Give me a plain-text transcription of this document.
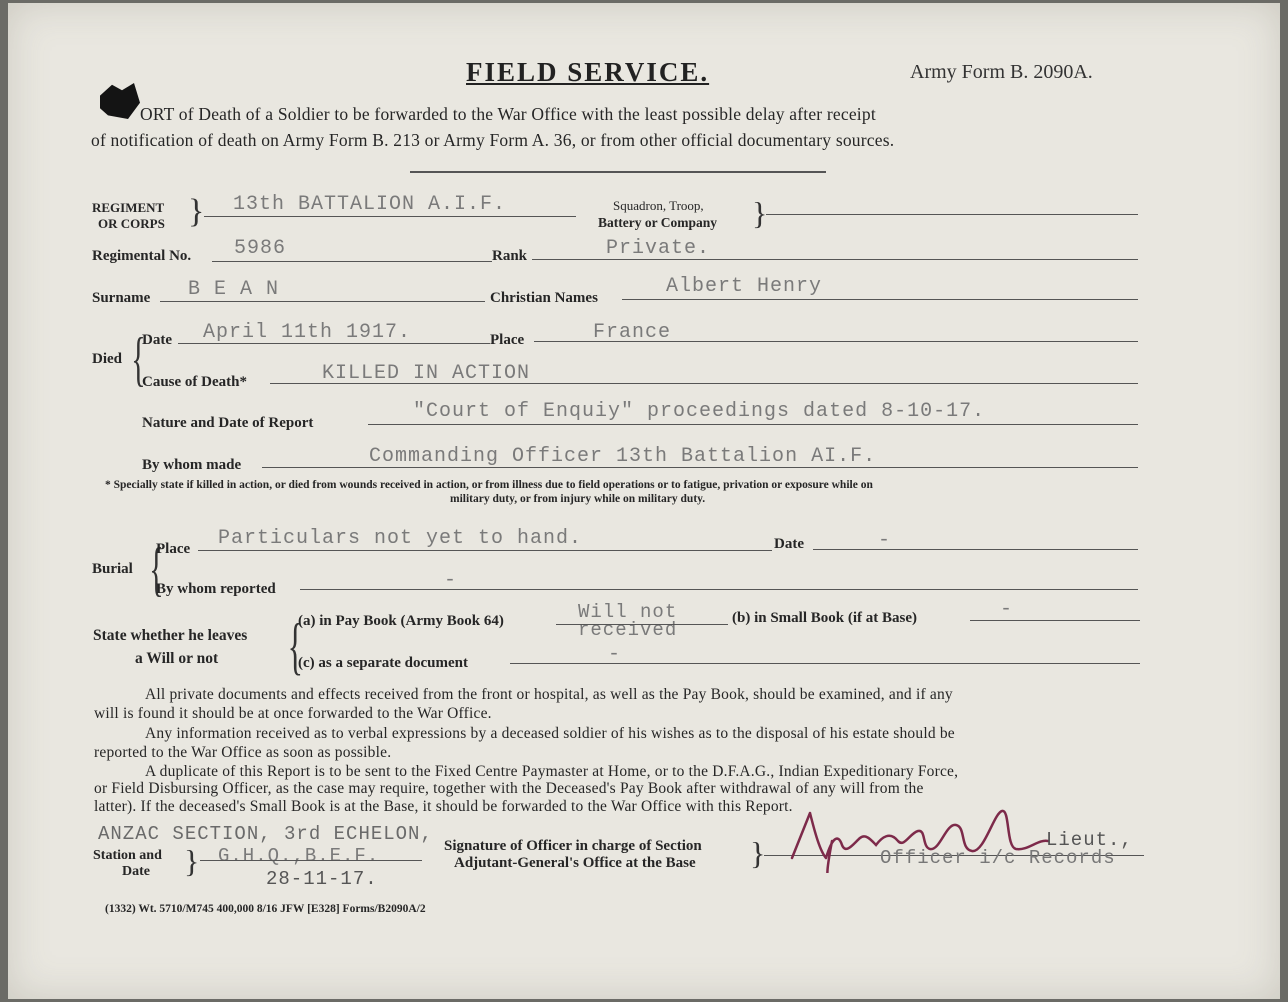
FIELD SERVICE.	Army Form B. 2090A.
ORT of Death of a Soldier to be forwarded to the War Office with the least possible delay after receipt
of notification of death on Army Form B. 213 or Army Form A. 36, or from other official documentary sources.
REGIMENT
OR CORPS } 13th BATTALION A.I.F.	Squadron, Troop,
Battery or Company }
Regimental No. 5986	Rank	Private.
Surname B E A N	Christian Names	Albert Henry
Died {
Date April 11th 1917.	Place	France
Cause of Death*	KILLED IN ACTION
Nature and Date of Report	"Court of Enquiy" proceedings dated 8-10-17.
By whom made	Commanding Officer 13th Battalion AI.F.
* Specially state if killed in action, or died from wounds received in action, or from illness due to field operations or to fatigue, privation or exposure while on
military duty, or from injury while on military duty.
Burial {
Place Particulars not yet to hand.	Date	-
By whom reported	-
State whether he leaves
a Will or not {
(a) in Pay Book (Army Book 64)	Will not
received
(b) in Small Book (if at Base)	-
(c) as a separate document	-
All private documents and effects received from the front or hospital, as well as the Pay Book, should be examined, and if any
will is found it should be at once forwarded to the War Office.
Any information received as to verbal expressions by a deceased soldier of his wishes as to the disposal of his estate should be
reported to the War Office as soon as possible.
A duplicate of this Report is to be sent to the Fixed Centre Paymaster at Home, or to the D.F.A.G., Indian Expeditionary Force,
or Field Disbursing Officer, as the case may require, together with the Deceased's Pay Book after withdrawal of any will from the
latter). If the deceased's Small Book is at the Base, it should be forwarded to the War Office with this Report.
ANZAC SECTION, 3rd ECHELON,
Station and
Date } G.H.Q.,B.E.F.
28-11-17.
Signature of Officer in charge of Section
Adjutant-General's Office at the Base }	Lieut.,
Officer i/c Records
(1332) Wt. 5710/M745 400,000 8/16 JFW [E328] Forms/B2090A/2
